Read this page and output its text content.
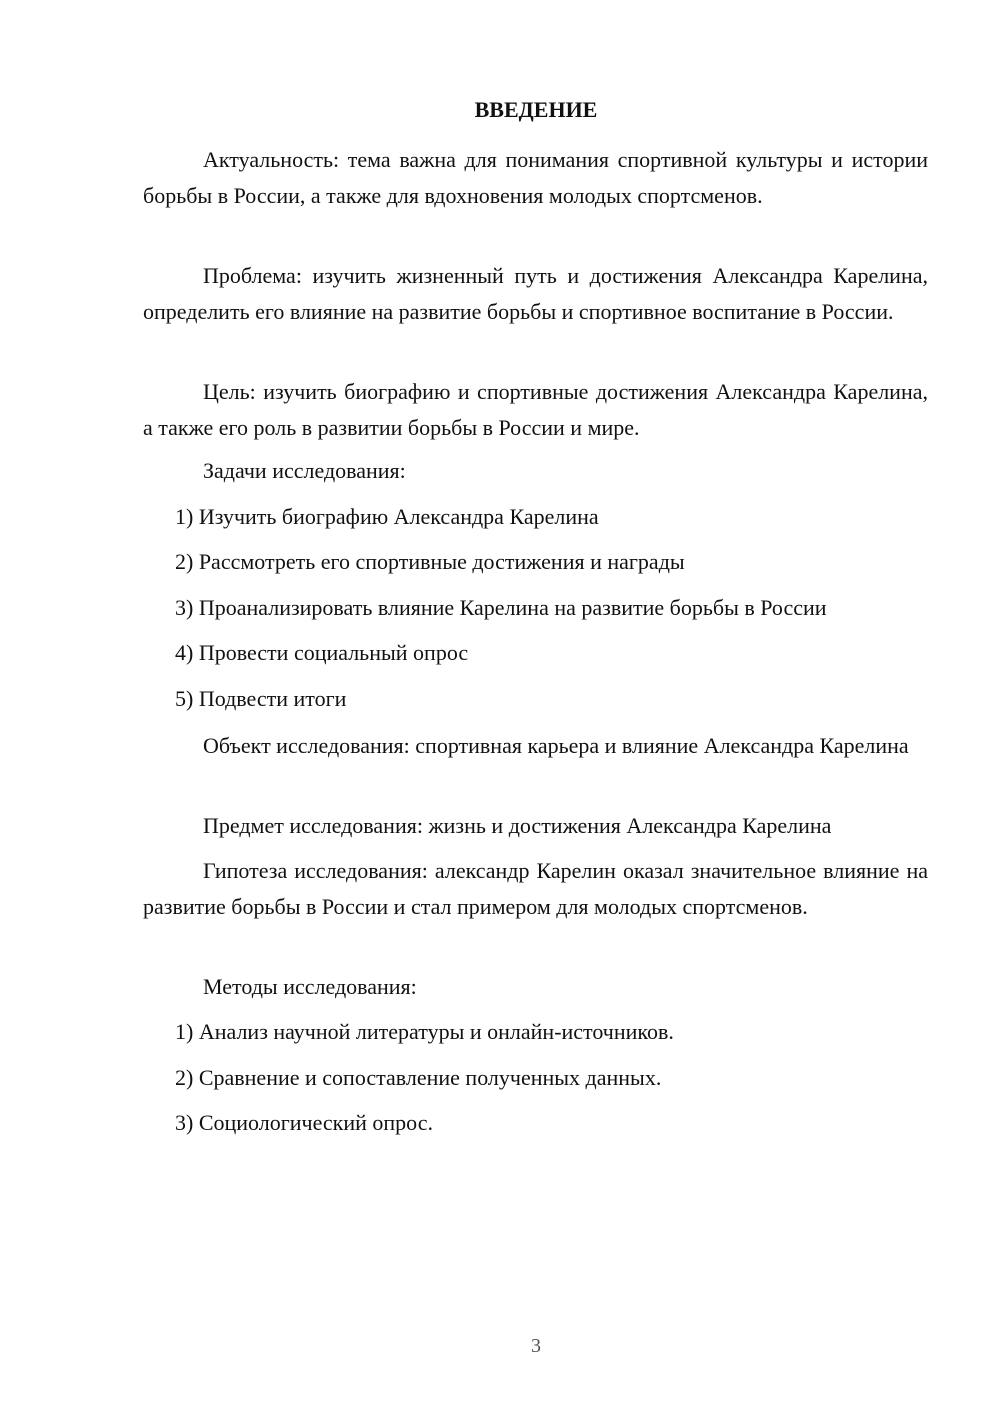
ВВЕДЕНИЕ
Актуальность: тема важна для понимания спортивной культуры и истории борьбы в России, а также для вдохновения молодых спортсменов.
Проблема: изучить жизненный путь и достижения Александра Карелина, определить его влияние на развитие борьбы и спортивное воспитание в России.
Цель: изучить биографию и спортивные достижения Александра Карелина, а также его роль в развитии борьбы в России и мире.
Задачи исследования:
1) Изучить биографию Александра Карелина
2) Рассмотреть его спортивные достижения и награды
3) Проанализировать влияние Карелина на развитие борьбы в России
4) Провести социальный опрос
5) Подвести итоги
Объект исследования: спортивная карьера и влияние Александра Карелина
Предмет исследования: жизнь и достижения Александра Карелина
Гипотеза исследования: александр Карелин оказал значительное влияние на развитие борьбы в России и стал примером для молодых спортсменов.
Методы исследования:
1) Анализ научной литературы и онлайн-источников.
2) Сравнение и сопоставление полученных данных.
3) Социологический опрос.
3
